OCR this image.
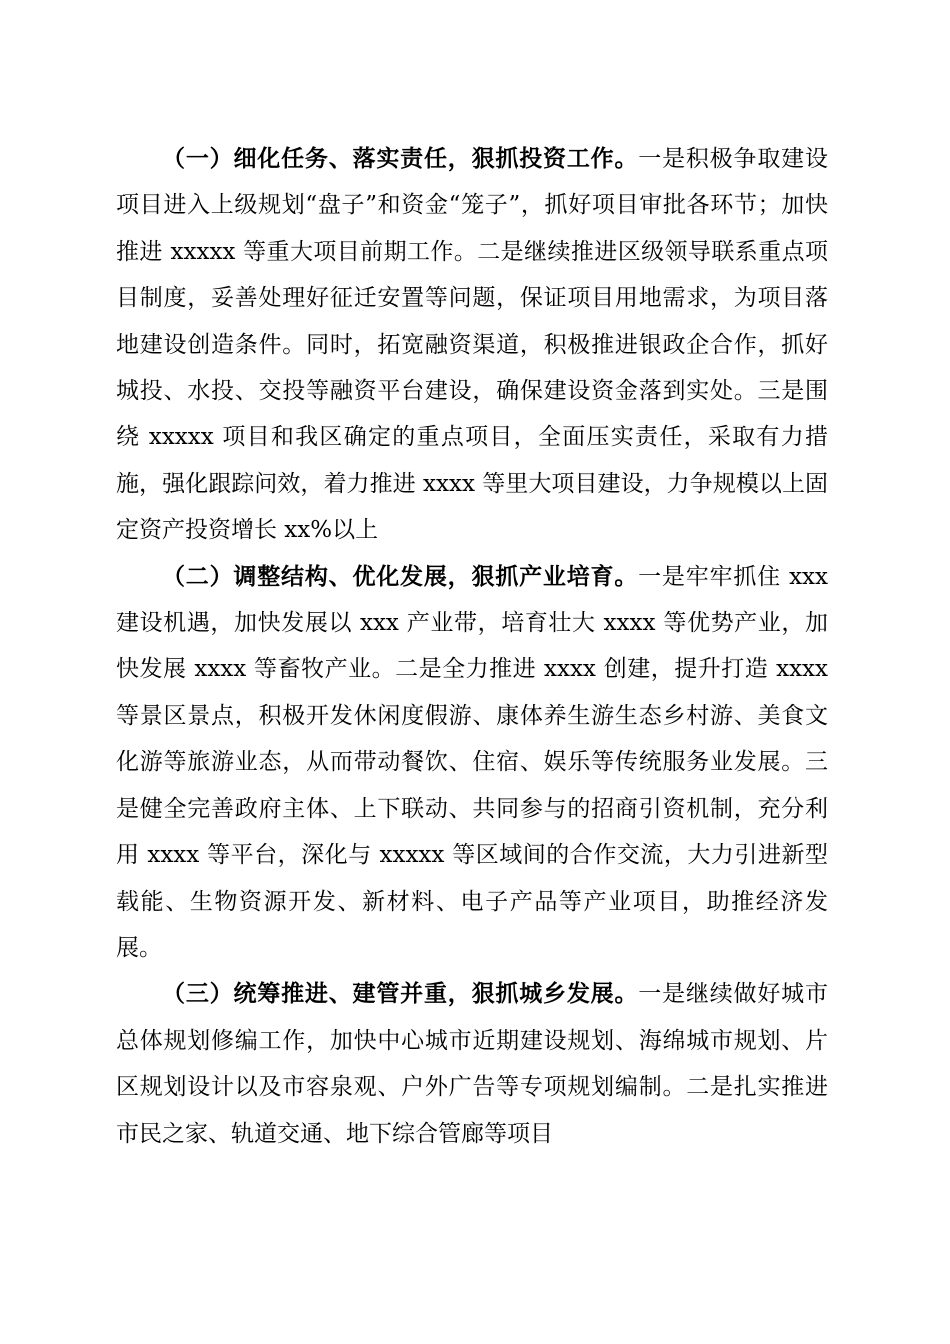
（一）细化任务、落实责任，狠抓投资工作。一是积极争取建设项目进入上级规划“盘子”和资金“笼子”，抓好项目审批各环节；加快推进 xxxxx 等重大项目前期工作。二是继续推进区级领导联系重点项目制度，妥善处理好征迁安置等问题，保证项目用地需求，为项目落地建设创造条件。同时，拓宽融资渠道，积极推进银政企合作，抓好城投、水投、交投等融资平台建设，确保建设资金落到实处。三是围绕 xxxxx 项目和我区确定的重点项目，全面压实责任，采取有力措施，强化跟踪问效，着力推进 xxxx 等里大项目建设，力争规模以上固定资产投资增长 xx%以上

（二）调整结构、优化发展，狠抓产业培育。一是牢牢抓住 xxx 建设机遇，加快发展以 xxx 产业带，培育壮大 xxxx 等优势产业，加快发展 xxxx 等畜牧产业。二是全力推进 xxxx 创建，提升打造 xxxx 等景区景点，积极开发休闲度假游、康体养生游生态乡村游、美食文化游等旅游业态，从而带动餐饮、住宿、娱乐等传统服务业发展。三是健全完善政府主体、上下联动、共同参与的招商引资机制，充分利用 xxxx 等平台，深化与 xxxxx 等区域间的合作交流，大力引进新型载能、生物资源开发、新材料、电子产品等产业项目，助推经济发展。

（三）统筹推进、建管并重，狠抓城乡发展。一是继续做好城市总体规划修编工作，加快中心城市近期建设规划、海绵城市规划、片区规划设计以及市容泉观、户外广告等专项规划编制。二是扎实推进市民之家、轨道交通、地下综合管廊等项目
